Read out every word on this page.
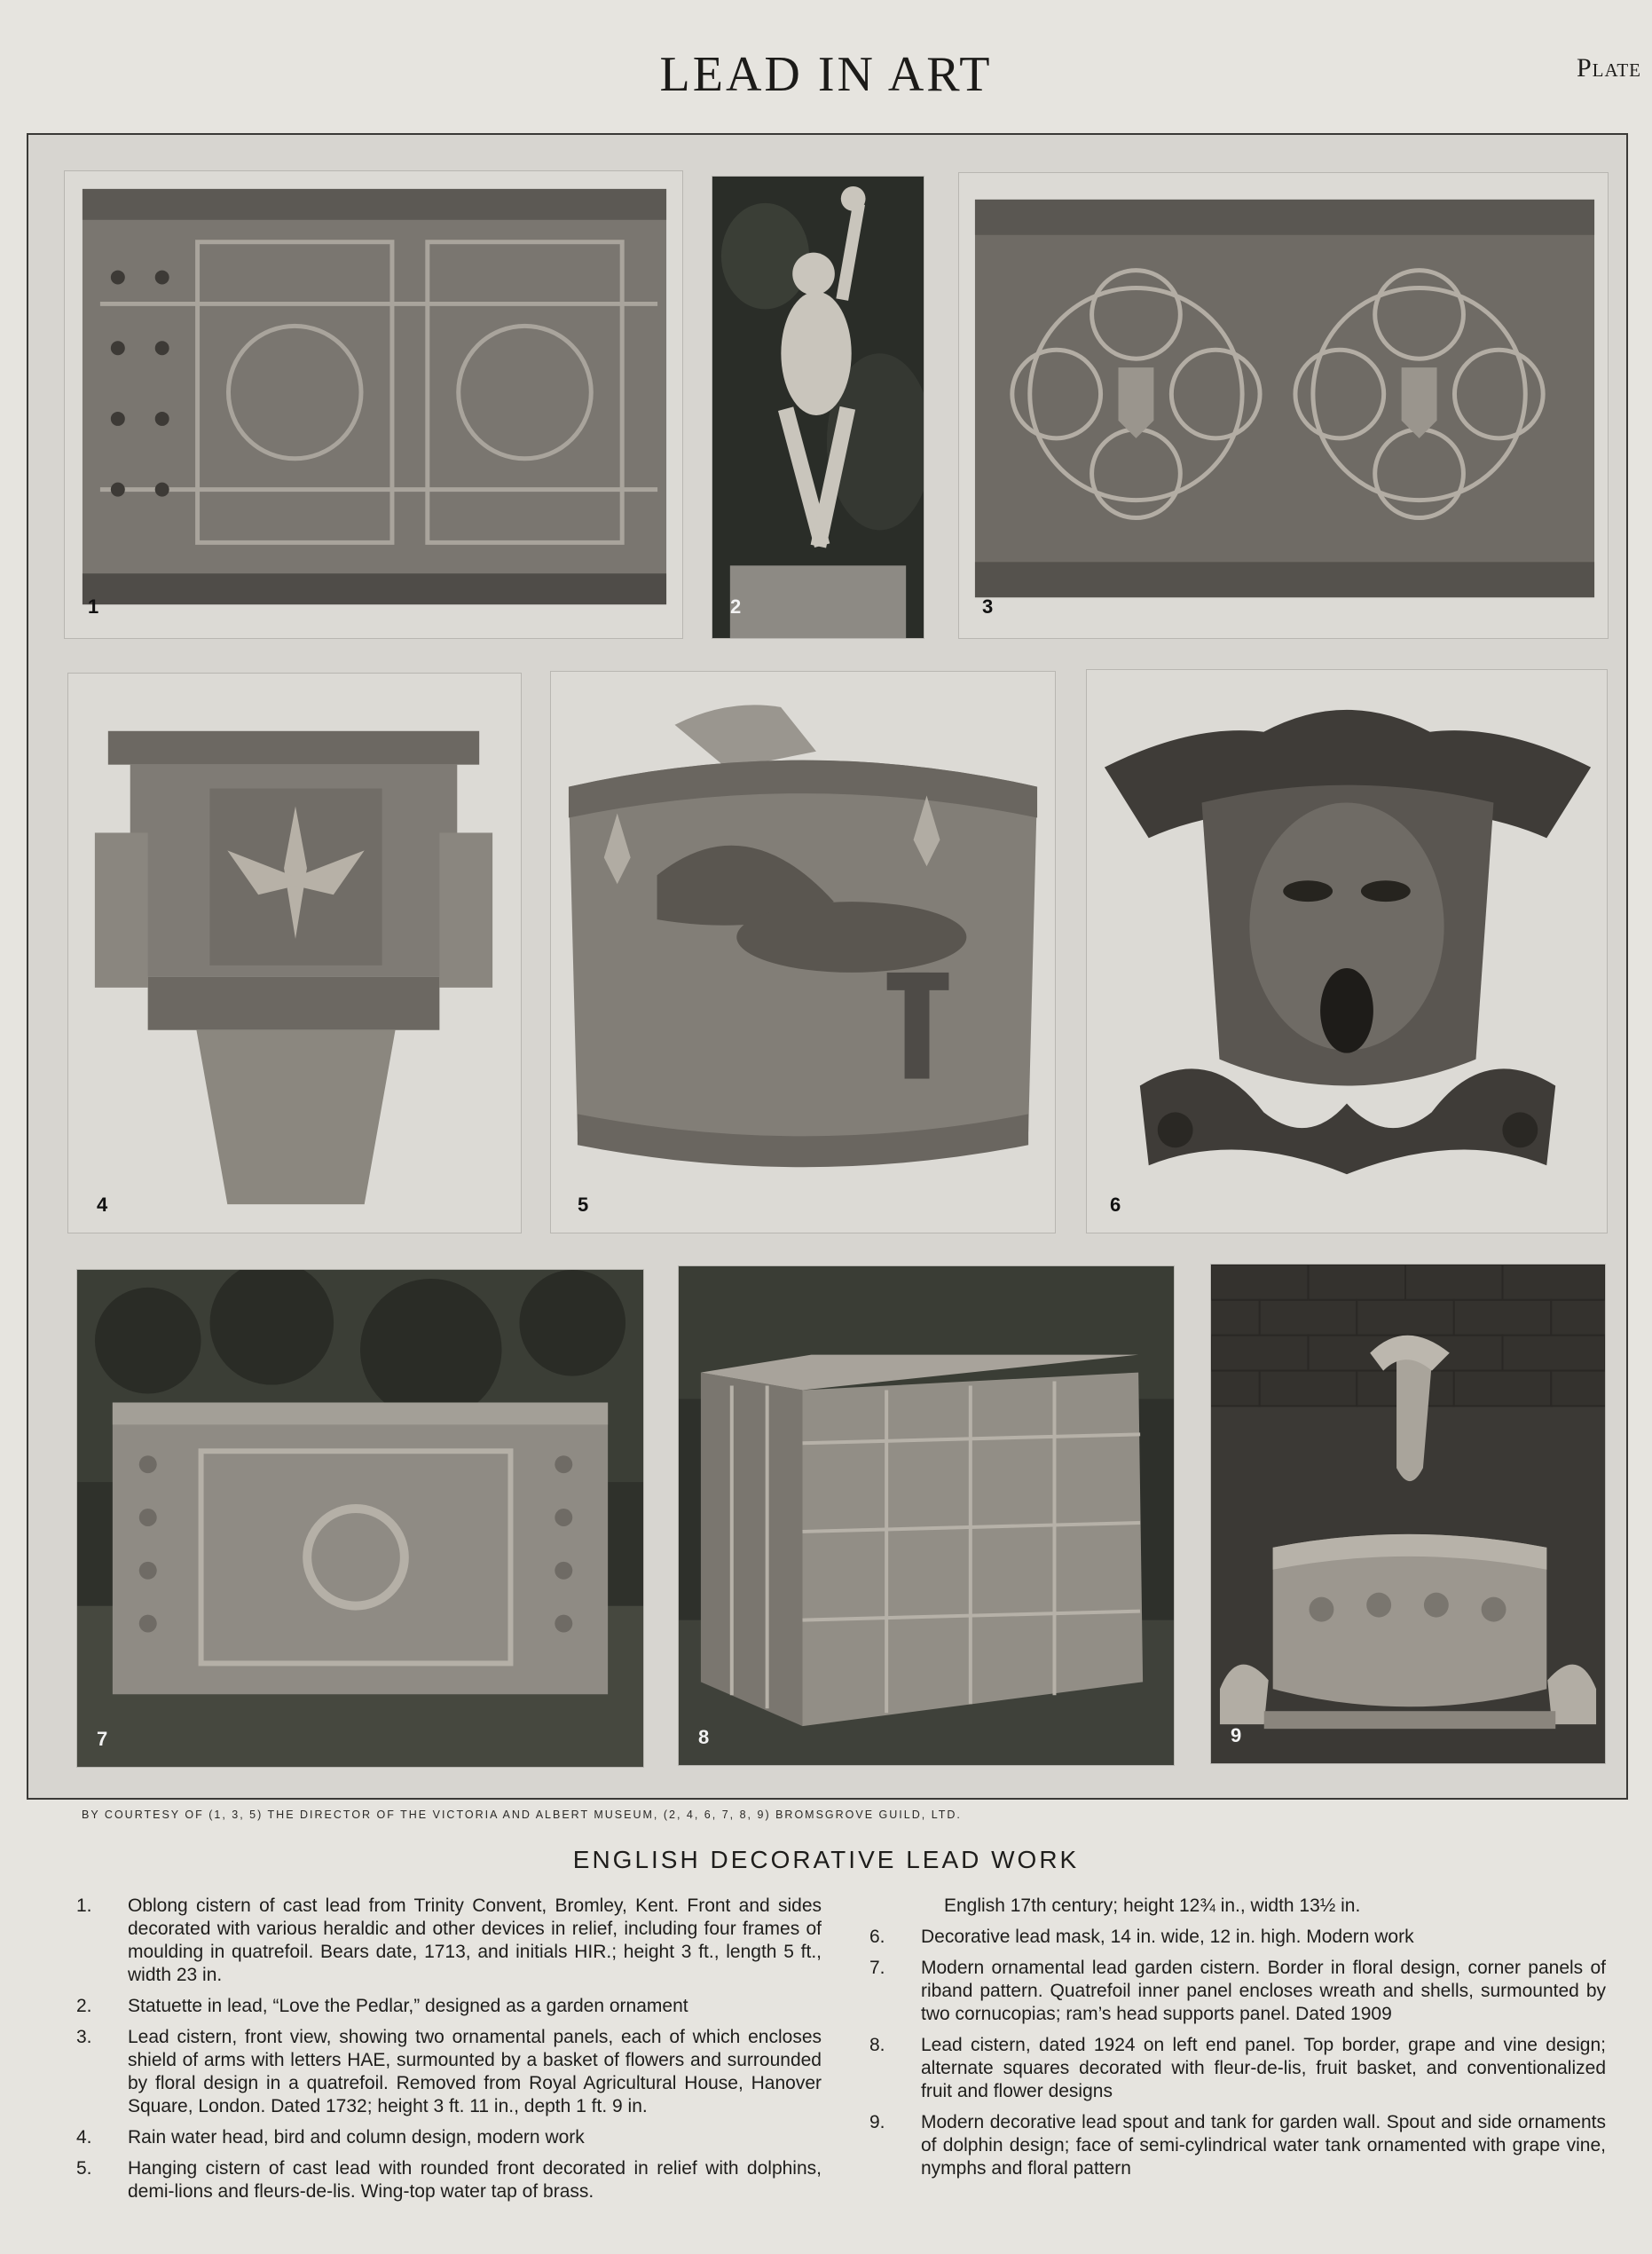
LEAD IN ART	Plate
1	2	3
4	5	6
7	8	9
BY COURTESY OF (1, 3, 5) THE DIRECTOR OF THE VICTORIA AND ALBERT MUSEUM, (2, 4, 6, 7, 8, 9) BROMSGROVE GUILD, LTD.
ENGLISH DECORATIVE LEAD WORK
1. Oblong cistern of cast lead from Trinity Convent, Bromley, Kent. Front and sides decorated with various heraldic and other devices in relief, including four frames of moulding in quatrefoil. Bears date, 1713, and initials HIR.; height 3 ft., length 5 ft., width 23 in.
2. Statuette in lead, “Love the Pedlar,” designed as a garden ornament
3. Lead cistern, front view, showing two ornamental panels, each of which encloses shield of arms with letters HAE, surmounted by a basket of flowers and surrounded by floral design in a quatrefoil. Removed from Royal Agricultural House, Hanover Square, London. Dated 1732; height 3 ft. 11 in., depth 1 ft. 9 in.
4. Rain water head, bird and column design, modern work
5. Hanging cistern of cast lead with rounded front decorated in relief with dolphins, demi-lions and fleurs-de-lis. Wing-top water tap of brass.
English 17th century; height 12¾ in., width 13½ in.
6. Decorative lead mask, 14 in. wide, 12 in. high. Modern work
7. Modern ornamental lead garden cistern. Border in floral design, corner panels of riband pattern. Quatrefoil inner panel encloses wreath and shells, surmounted by two cornucopias; ram’s head supports panel. Dated 1909
8. Lead cistern, dated 1924 on left end panel. Top border, grape and vine design; alternate squares decorated with fleur-de-lis, fruit basket, and conventionalized fruit and flower designs
9. Modern decorative lead spout and tank for garden wall. Spout and side ornaments of dolphin design; face of semi-cylindrical water tank ornamented with grape vine, nymphs and floral pattern
